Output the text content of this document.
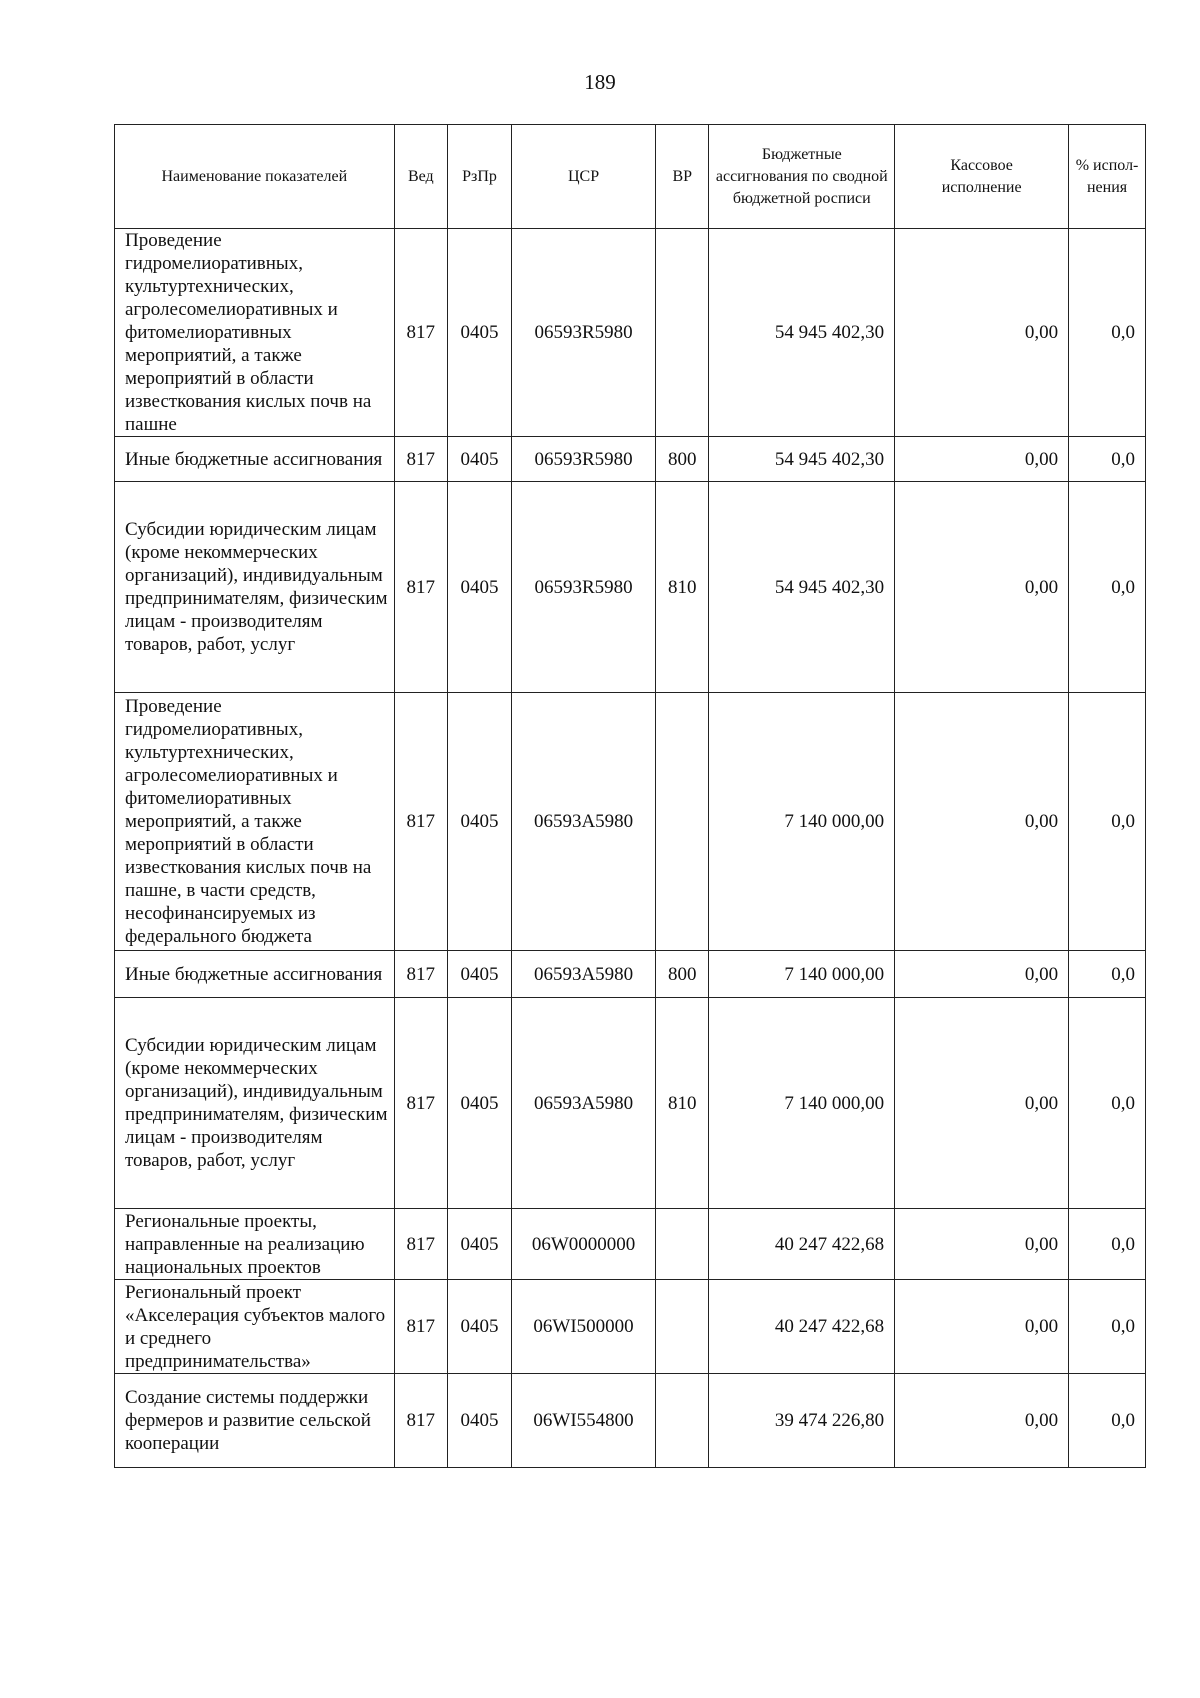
189
Наименование показателей	Вед	РзПр	ЦСР	ВР	Бюджетные ассигнования по сводной бюджетной росписи	Кассовое исполнение	% испол-нения
Проведение гидромелиоративных, культуртехнических, агролесомелиоративных и фитомелиоративных мероприятий, а также мероприятий в области известкования кислых почв на пашне	817	0405	06593R5980		54 945 402,30	0,00	0,0
Иные бюджетные ассигнования	817	0405	06593R5980	800	54 945 402,30	0,00	0,0
Субсидии юридическим лицам (кроме некоммерческих организаций), индивидуальным предпринимателям, физическим лицам - производителям товаров, работ, услуг	817	0405	06593R5980	810	54 945 402,30	0,00	0,0
Проведение гидромелиоративных, культуртехнических, агролесомелиоративных и фитомелиоративных мероприятий, а также мероприятий в области известкования кислых почв на пашне, в части средств, несофинансируемых из федерального бюджета	817	0405	06593А5980		7 140 000,00	0,00	0,0
Иные бюджетные ассигнования	817	0405	06593А5980	800	7 140 000,00	0,00	0,0
Субсидии юридическим лицам (кроме некоммерческих организаций), индивидуальным предпринимателям, физическим лицам - производителям товаров, работ, услуг	817	0405	06593А5980	810	7 140 000,00	0,00	0,0
Региональные проекты, направленные на реализацию национальных проектов	817	0405	06W0000000		40 247 422,68	0,00	0,0
Региональный проект «Акселерация субъектов малого и среднего предпринимательства»	817	0405	06WI500000		40 247 422,68	0,00	0,0
Создание системы поддержки фермеров и развитие сельской кооперации	817	0405	06WI554800		39 474 226,80	0,00	0,0
